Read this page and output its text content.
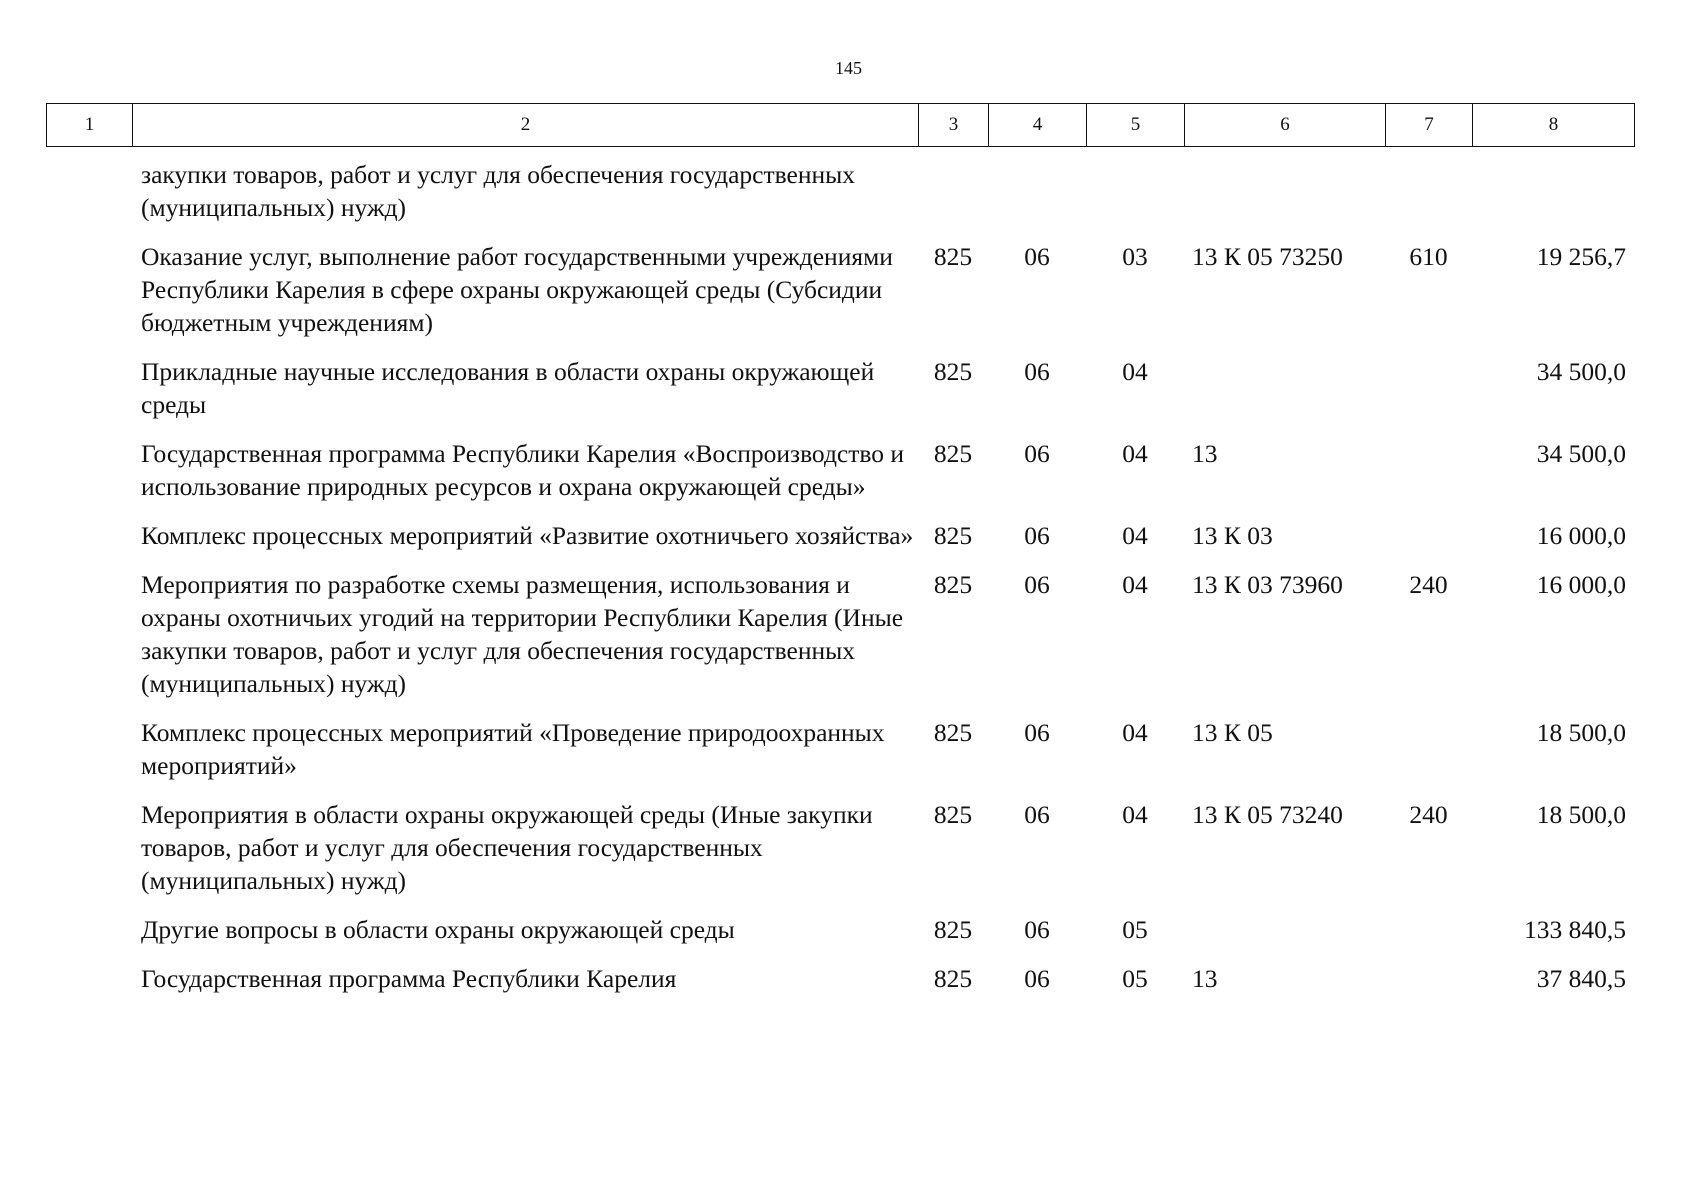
145
1	2	3	4	5	6	7	8
	закупки товаров, работ и услуг для обеспечения государственных (муниципальных) нужд)						
	Оказание услуг, выполнение работ государственными учреждениями Республики Карелия в сфере охраны окружающей среды (Субсидии бюджетным учреждениям)	825	06	03	13 К 05 73250	610	19 256,7
	Прикладные научные исследования в области охраны окружающей среды	825	06	04			34 500,0
	Государственная программа Республики Карелия «Воспроизводство и использование природных ресурсов и охрана окружающей среды»	825	06	04	13		34 500,0
	Комплекс процессных мероприятий «Развитие охотничьего хозяйства»	825	06	04	13 К 03		16 000,0
	Мероприятия по разработке схемы размещения, использования и охраны охотничьих угодий на территории Республики Карелия (Иные закупки товаров, работ и услуг для обеспечения государственных (муниципальных) нужд)	825	06	04	13 К 03 73960	240	16 000,0
	Комплекс процессных мероприятий «Проведение природоохранных мероприятий»	825	06	04	13 К 05		18 500,0
	Мероприятия в области охраны окружающей среды (Иные закупки товаров, работ и услуг для обеспечения государственных (муниципальных) нужд)	825	06	04	13 К 05 73240	240	18 500,0
	Другие вопросы в области охраны окружающей среды	825	06	05			133 840,5
	Государственная программа Республики Карелия	825	06	05	13		37 840,5
